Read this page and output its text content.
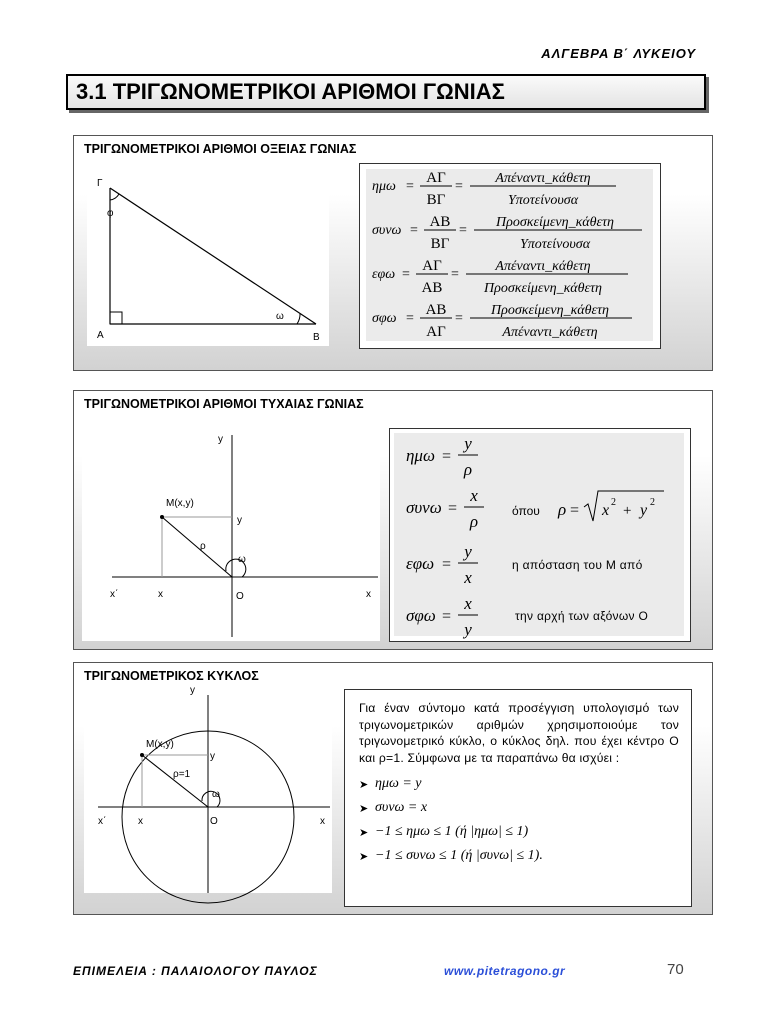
ΑΛΓΕΒΡΑ Β΄ ΛΥΚΕΙΟΥ
3.1 ΤΡΙΓΩΝΟΜΕΤΡΙΚΟΙ ΑΡΙΘΜΟΙ ΓΩΝΙΑΣ
ΤΡΙΓΩΝΟΜΕΤΡΙΚΟΙ ΑΡΙΘΜΟΙ ΟΞΕΙΑΣ ΓΩΝΙΑΣ
Γ
φ
Α	Β
ω
ημω =
ΑΓ
ΒΓ
=
Απέναντι_κάθετη
Υποτείνουσα
συνω =
ΑΒ
ΒΓ
=
Προσκείμενη_κάθετη
Υποτείνουσα
εφω =
ΑΓ
ΑΒ
=
Απέναντι_κάθετη
Προσκείμενη_κάθετη
σφω =
ΑΒ
ΑΓ
=
Προσκείμενη_κάθετη
Απέναντι_κάθετη
ΤΡΙΓΩΝΟΜΕΤΡΙΚΟΙ ΑΡΙΘΜΟΙ ΤΥΧΑΙΑΣ ΓΩΝΙΑΣ
y
x
x΄
M(x,y)
y
x
ρ
ω
O
ημω =
y
ρ
συνω =
x
ρ
εφω =
y
x
σφω =
x
y
όπου ρ = x 2
+ y 2
η απόσταση του Μ από
την αρχή των αξόνων Ο
ΤΡΙΓΩΝΟΜΕΤΡΙΚΟΣ ΚΥΚΛΟΣ
y
x
x΄
M(x,y)
y
x
ρ=1
ω
O
Για έναν σύντομο κατά προσέγγιση υπολογισμό των τριγωνομετρικών αριθμών χρησιμοποιούμε τον τριγωνομετρικό κύκλο, ο κύκλος δηλ. που έχει κέντρο O και ρ=1. Σύμφωνα με τα παραπάνω θα ισχύει :
➤ ημω = y
➤ συνω = x
➤ −1 ≤ ημω ≤ 1 (ή |ημω| ≤ 1)
➤ −1 ≤ συνω ≤ 1 (ή |συνω| ≤ 1).
ΕΠΙΜΕΛΕΙΑ : ΠΑΛΑΙΟΛΟΓΟΥ ΠΑΥΛΟΣ	www.pitetragono.gr	70
